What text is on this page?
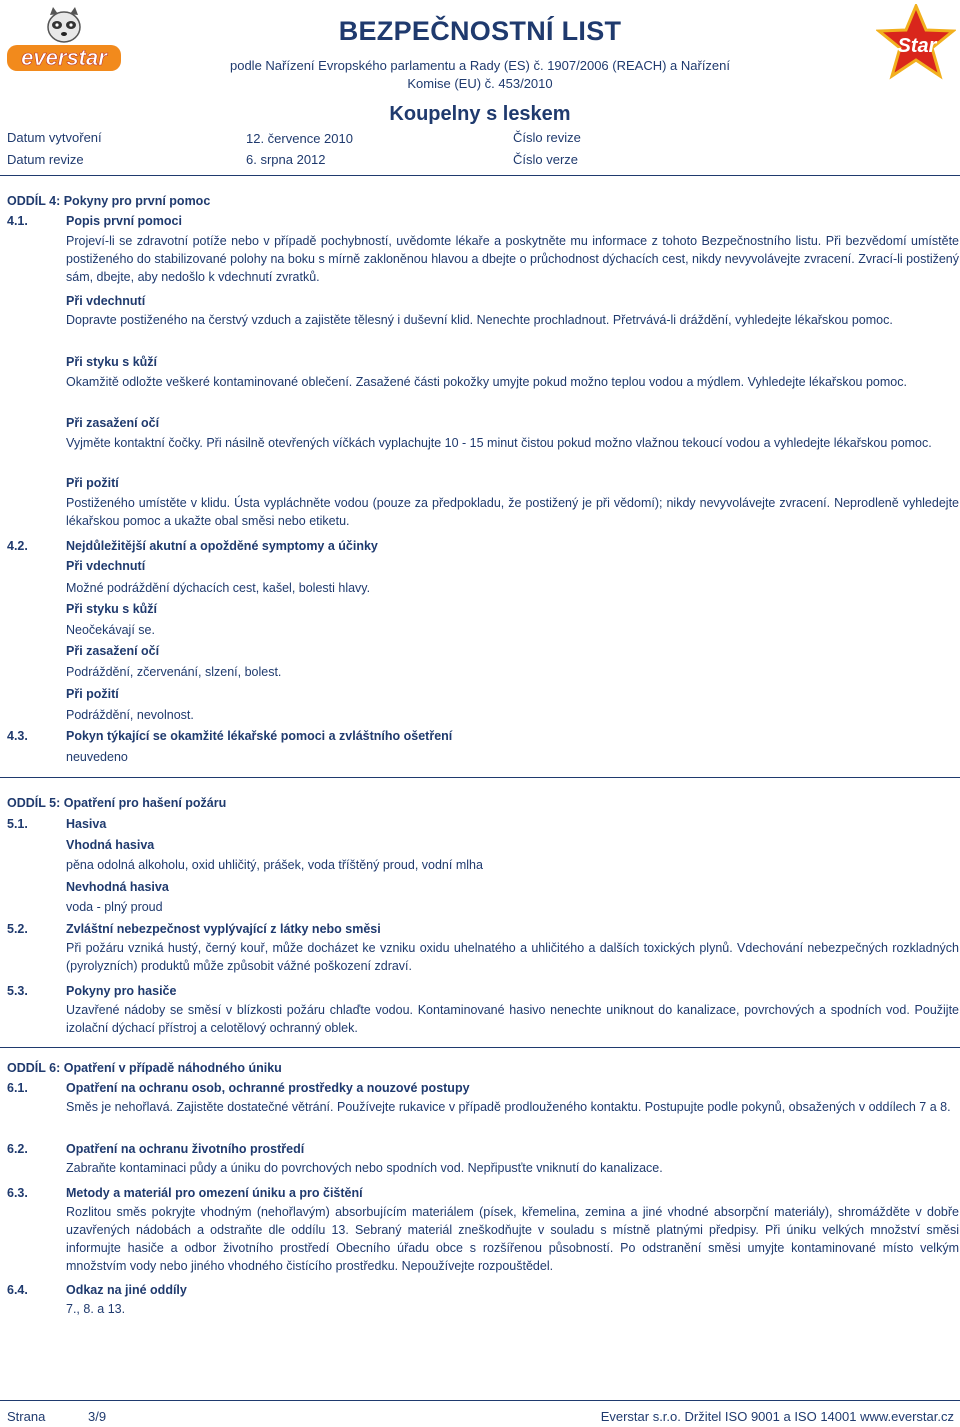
everstar	Star
BEZPEČNOSTNÍ LIST
podle Nařízení Evropského parlamentu a Rady (ES) č. 1907/2006 (REACH) a Nařízení Komise (EU) č. 453/2010
Koupelny s leskem
Datum vytvoření	12. července 2010	Číslo revize
Datum revize	6. srpna 2012	Číslo verze
ODDÍL 4: Pokyny pro první pomoc
4.1.	Popis první pomoci
Projeví-li se zdravotní potíže nebo v případě pochybností, uvědomte lékaře a poskytněte mu informace z tohoto Bezpečnostního listu. Při bezvědomí umístěte postiženého do stabilizované polohy na boku s mírně zakloněnou hlavou a dbejte o průchodnost dýchacích cest, nikdy nevyvolávejte zvracení. Zvrací-li postižený sám, dbejte, aby nedošlo k vdechnutí zvratků.
Při vdechnutí
Dopravte postiženého na čerstvý vzduch a zajistěte tělesný i duševní klid. Nenechte prochladnout. Přetrvává-li dráždění, vyhledejte lékařskou pomoc.
Při styku s kůží
Okamžitě odložte veškeré kontaminované oblečení. Zasažené části pokožky umyjte pokud možno teplou vodou a mýdlem. Vyhledejte lékařskou pomoc.
Při zasažení očí
Vyjměte kontaktní čočky. Při násilně otevřených víčkách vyplachujte 10 - 15 minut čistou pokud možno vlažnou tekoucí vodou a vyhledejte lékařskou pomoc.
Při požití
Postiženého umístěte v klidu. Ústa vypláchněte vodou (pouze za předpokladu, že postižený je při vědomí); nikdy nevyvolávejte zvracení. Neprodleně vyhledejte lékařskou pomoc a ukažte obal směsi nebo etiketu.
4.2.	Nejdůležitější akutní a opožděné symptomy a účinky
Při vdechnutí
Možné podráždění dýchacích cest, kašel, bolesti hlavy.
Při styku s kůží
Neočekávají se.
Při zasažení očí
Podráždění, zčervenání, slzení, bolest.
Při požití
Podráždění, nevolnost.
4.3.	Pokyn týkající se okamžité lékařské pomoci a zvláštního ošetření
neuvedeno
ODDÍL 5: Opatření pro hašení požáru
5.1.	Hasiva
Vhodná hasiva
pěna odolná alkoholu, oxid uhličitý, prášek, voda tříštěný proud, vodní mlha
Nevhodná hasiva
voda - plný proud
5.2.	Zvláštní nebezpečnost vyplývající z látky nebo směsi
Při požáru vzniká hustý, černý kouř, může docházet ke vzniku oxidu uhelnatého a uhličitého a dalších toxických plynů. Vdechování nebezpečných rozkladných (pyrolyzních) produktů může způsobit vážné poškození zdraví.
5.3.	Pokyny pro hasiče
Uzavřené nádoby se směsí v blízkosti požáru chlaďte vodou. Kontaminované hasivo nenechte uniknout do kanalizace, povrchových a spodních vod. Použijte izolační dýchací přístroj a celotělový ochranný oblek.
ODDÍL 6: Opatření v případě náhodného úniku
6.1.	Opatření na ochranu osob, ochranné prostředky a nouzové postupy
Směs je nehořlavá. Zajistěte dostatečné větrání. Používejte rukavice v případě prodlouženého kontaktu. Postupujte podle pokynů, obsažených v oddílech 7 a 8.
6.2.	Opatření na ochranu životního prostředí
Zabraňte kontaminaci půdy a úniku do povrchových nebo spodních vod. Nepřipusťte vniknutí do kanalizace.
6.3.	Metody a materiál pro omezení úniku a pro čištění
Rozlitou směs pokryjte vhodným (nehořlavým) absorbujícím materiálem (písek, křemelina, zemina a jiné vhodné absorpční materiály), shromážděte v dobře uzavřených nádobách a odstraňte dle oddílu 13. Sebraný materiál zneškodňujte v souladu s místně platnými předpisy. Při úniku velkých množství směsi informujte hasiče a odbor životního prostředí Obecního úřadu obce s rozšířenou působností. Po odstranění směsi umyjte kontaminované místo velkým množstvím vody nebo jiného vhodného čistícího prostředku. Nepoužívejte rozpouštědel.
6.4.	Odkaz na jiné oddíly
7., 8. a 13.
Strana	3/9	Everstar s.r.o. Držitel ISO 9001 a ISO 14001 www.everstar.cz
